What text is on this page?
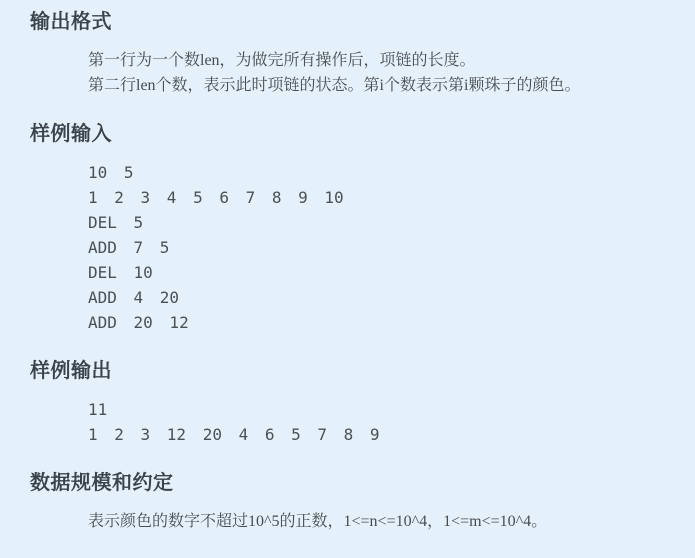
输出格式

第一行为一个数len，为做完所有操作后，项链的长度。

第二行len个数，表示此时项链的状态。第i个数表示第i颗珠子的颜色。

样例输入
10 5
1 2 3 4 5 6 7 8 9 10
DEL 5
ADD 7 5
DEL 10
ADD 4 20
ADD 20 12
样例输出
11
1 2 3 12 20 4 6 5 7 8 9
数据规模和约定

表示颜色的数字不超过10^5的正数，1<=n<=10^4，1<=m<=10^4。
